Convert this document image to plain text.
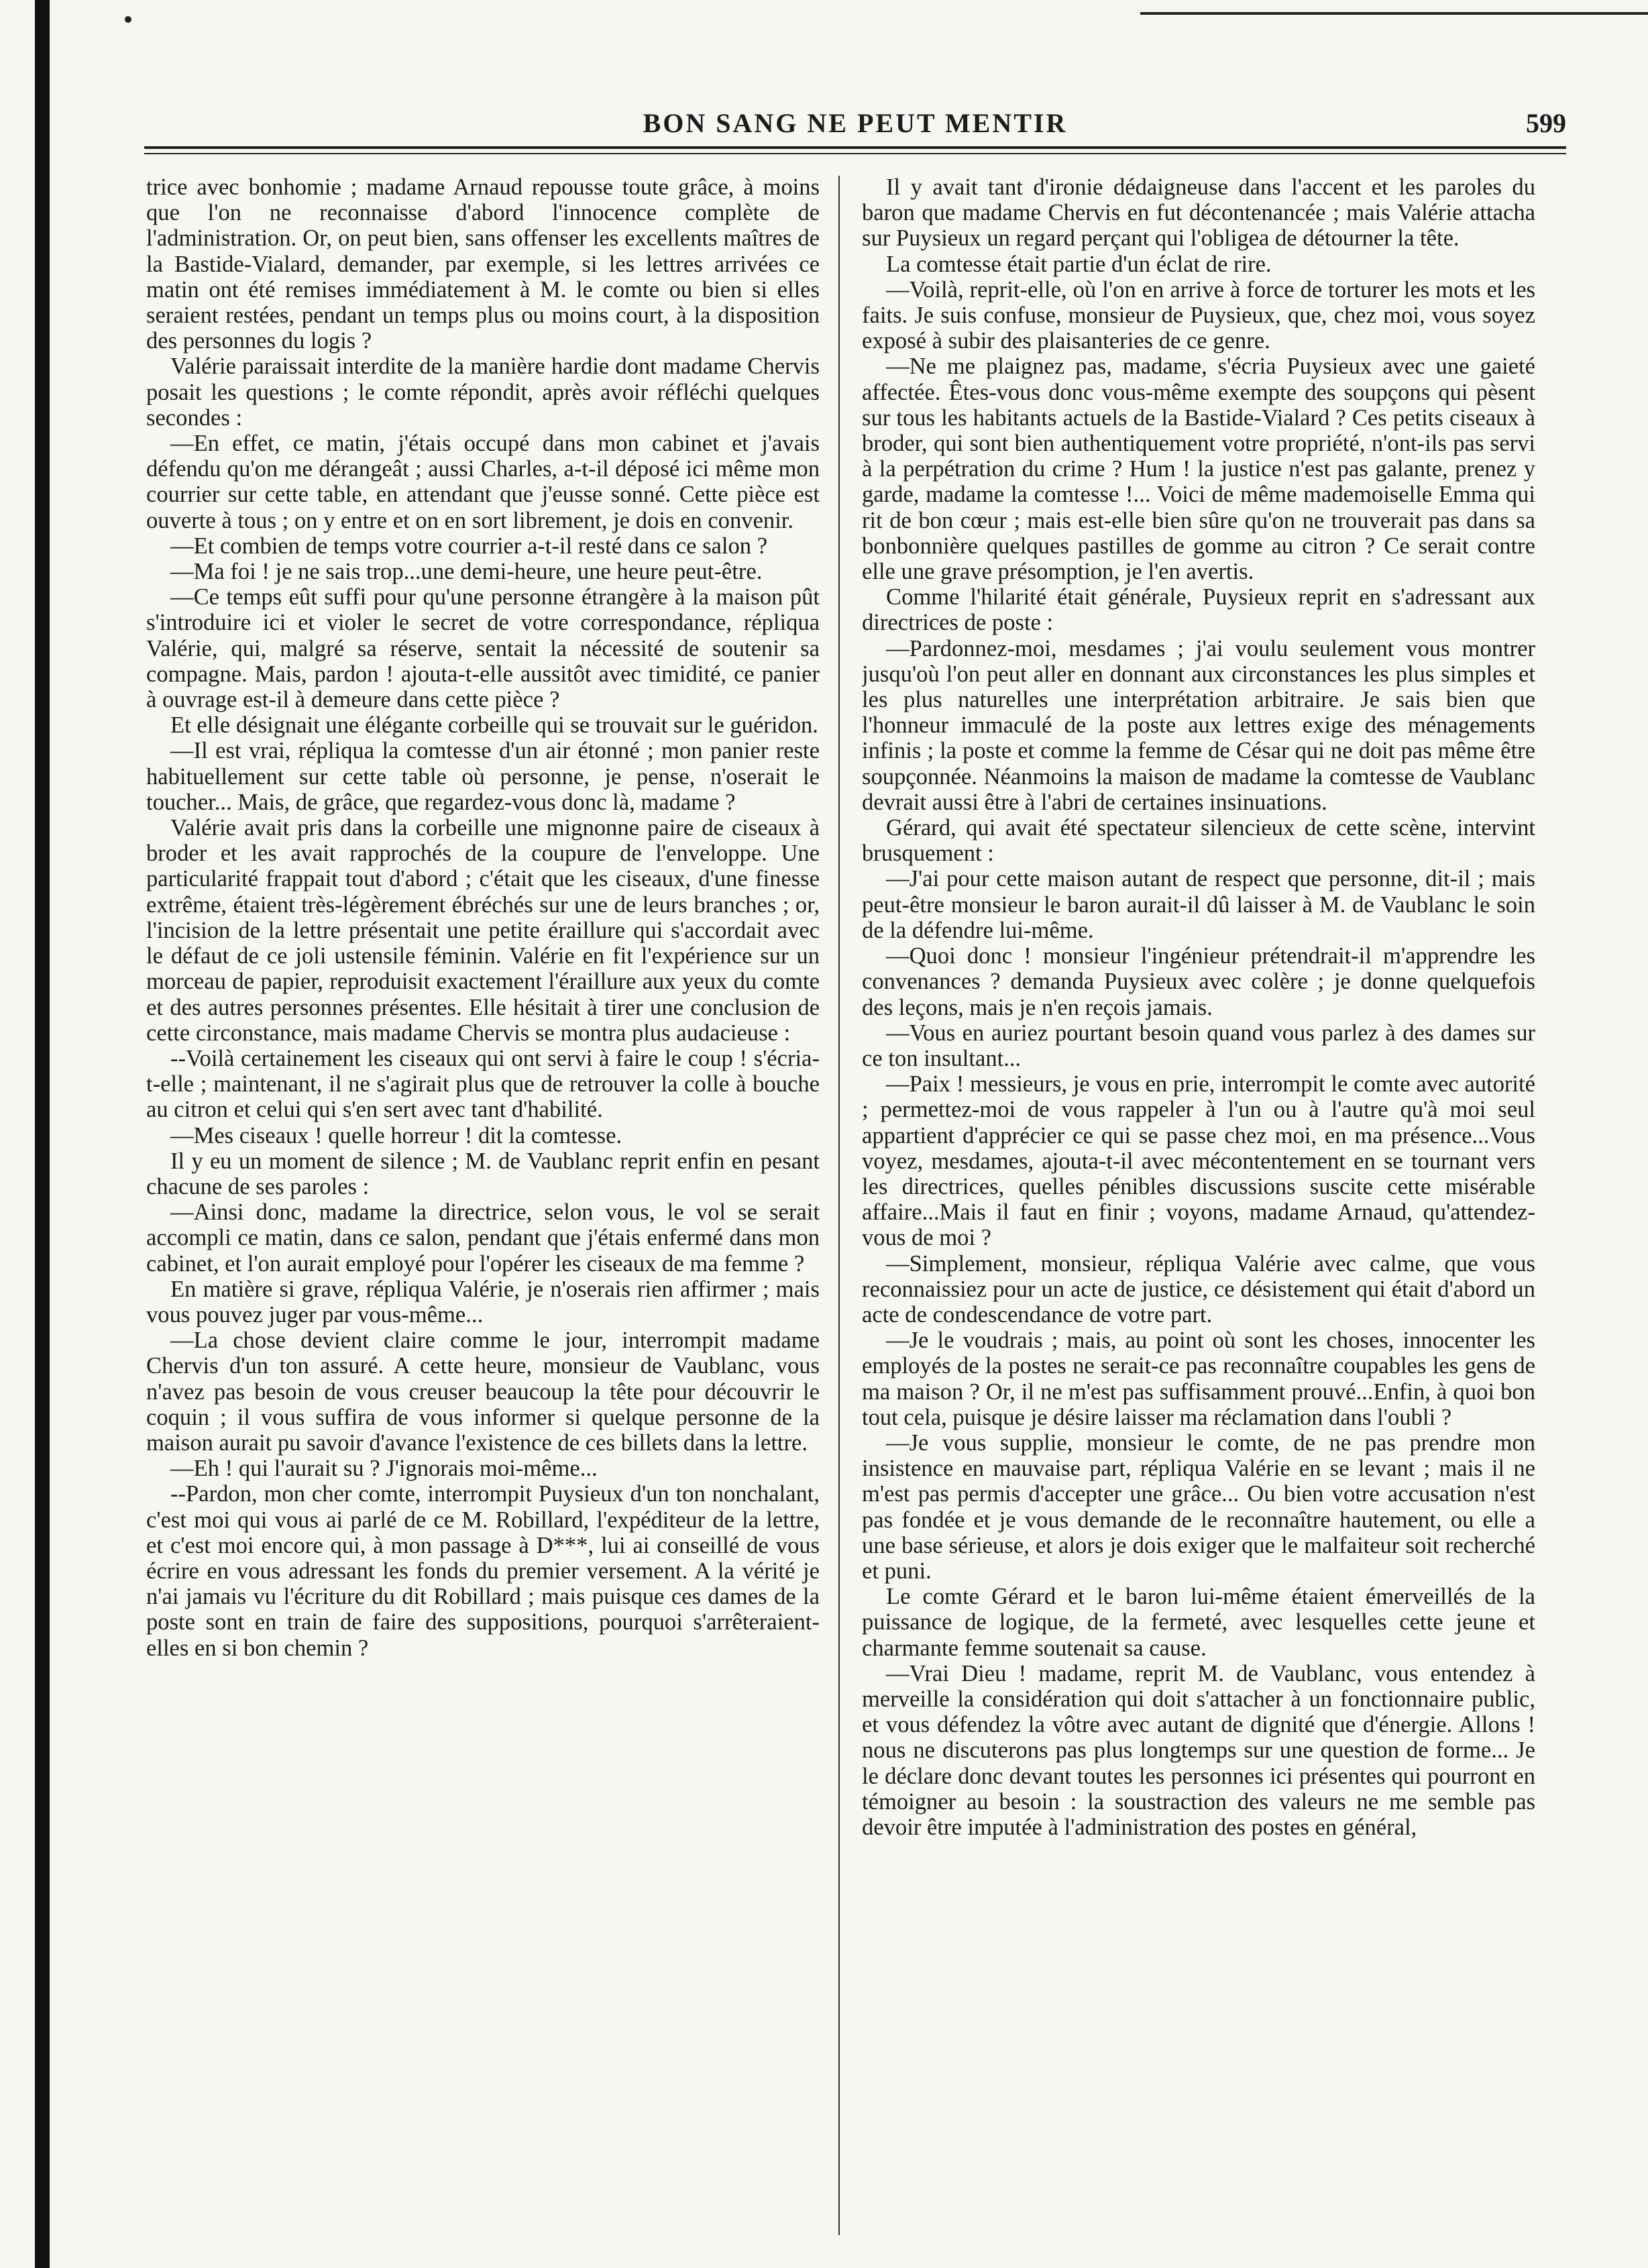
BON SANG NE PEUT MENTIR	599

trice avec bonhomie ; madame Arnaud repousse toute grâce, à moins que l'on ne reconnaisse d'abord l'innocence complète de l'administration. Or, on peut bien, sans offenser les excellents maîtres de la Bastide-Vialard, demander, par exemple, si les lettres arrivées ce matin ont été remises immédiatement à M. le comte ou bien si elles seraient restées, pendant un temps plus ou moins court, à la disposition des personnes du logis ?

Valérie paraissait interdite de la manière hardie dont madame Chervis posait les questions ; le comte répondit, après avoir réfléchi quelques secondes :

—En effet, ce matin, j'étais occupé dans mon cabinet et j'avais défendu qu'on me dérangeât ; aussi Charles, a-t-il déposé ici même mon courrier sur cette table, en attendant que j'eusse sonné. Cette pièce est ouverte à tous ; on y entre et on en sort librement, je dois en convenir.

—Et combien de temps votre courrier a-t-il resté dans ce salon ?

—Ma foi ! je ne sais trop...une demi-heure, une heure peut-être.

—Ce temps eût suffi pour qu'une personne étrangère à la maison pût s'introduire ici et violer le secret de votre correspondance, répliqua Valérie, qui, malgré sa réserve, sentait la nécessité de soutenir sa compagne. Mais, pardon ! ajouta-t-elle aussitôt avec timidité, ce panier à ouvrage est-il à demeure dans cette pièce ?

Et elle désignait une élégante corbeille qui se trouvait sur le guéridon.

—Il est vrai, répliqua la comtesse d'un air étonné ; mon panier reste habituellement sur cette table où personne, je pense, n'oserait le toucher... Mais, de grâce, que regardez-vous donc là, madame ?

Valérie avait pris dans la corbeille une mignonne paire de ciseaux à broder et les avait rapprochés de la coupure de l'enveloppe. Une particularité frappait tout d'abord ; c'était que les ciseaux, d'une finesse extrême, étaient très-légèrement ébréchés sur une de leurs branches ; or, l'incision de la lettre présentait une petite éraillure qui s'accordait avec le défaut de ce joli ustensile féminin. Valérie en fit l'expérience sur un morceau de papier, reproduisit exactement l'éraillure aux yeux du comte et des autres personnes présentes. Elle hésitait à tirer une conclusion de cette circonstance, mais madame Chervis se montra plus audacieuse :

--Voilà certainement les ciseaux qui ont servi à faire le coup ! s'écria-t-elle ; maintenant, il ne s'agirait plus que de retrouver la colle à bouche au citron et celui qui s'en sert avec tant d'habilité.

—Mes ciseaux ! quelle horreur ! dit la comtesse.

Il y eu un moment de silence ; M. de Vaublanc reprit enfin en pesant chacune de ses paroles :

—Ainsi donc, madame la directrice, selon vous, le vol se serait accompli ce matin, dans ce salon, pendant que j'étais enfermé dans mon cabinet, et l'on aurait employé pour l'opérer les ciseaux de ma femme ?

En matière si grave, répliqua Valérie, je n'oserais rien affirmer ; mais vous pouvez juger par vous-même...

—La chose devient claire comme le jour, interrompit madame Chervis d'un ton assuré. A cette heure, monsieur de Vaublanc, vous n'avez pas besoin de vous creuser beaucoup la tête pour découvrir le coquin ; il vous suffira de vous informer si quelque personne de la maison aurait pu savoir d'avance l'existence de ces billets dans la lettre.

—Eh ! qui l'aurait su ? J'ignorais moi-même...

--Pardon, mon cher comte, interrompit Puysieux d'un ton nonchalant, c'est moi qui vous ai parlé de ce M. Robillard, l'expéditeur de la lettre, et c'est moi encore qui, à mon passage à D***, lui ai conseillé de vous écrire en vous adressant les fonds du premier versement. A la vérité je n'ai jamais vu l'écriture du dit Robillard ; mais puisque ces dames de la poste sont en train de faire des suppositions, pourquoi s'arrêteraient-elles en si bon chemin ?

Il y avait tant d'ironie dédaigneuse dans l'accent et les paroles du baron que madame Chervis en fut décontenancée ; mais Valérie attacha sur Puysieux un regard perçant qui l'obligea de détourner la tête.

La comtesse était partie d'un éclat de rire.

—Voilà, reprit-elle, où l'on en arrive à force de torturer les mots et les faits. Je suis confuse, monsieur de Puysieux, que, chez moi, vous soyez exposé à subir des plaisanteries de ce genre.

—Ne me plaignez pas, madame, s'écria Puysieux avec une gaieté affectée. Êtes-vous donc vous-même exempte des soupçons qui pèsent sur tous les habitants actuels de la Bastide-Vialard ? Ces petits ciseaux à broder, qui sont bien authentiquement votre propriété, n'ont-ils pas servi à la perpétration du crime ? Hum ! la justice n'est pas galante, prenez y garde, madame la comtesse !... Voici de même mademoiselle Emma qui rit de bon cœur ; mais est-elle bien sûre qu'on ne trouverait pas dans sa bonbonnière quelques pastilles de gomme au citron ? Ce serait contre elle une grave présomption, je l'en avertis.

Comme l'hilarité était générale, Puysieux reprit en s'adressant aux directrices de poste :

—Pardonnez-moi, mesdames ; j'ai voulu seulement vous montrer jusqu'où l'on peut aller en donnant aux circonstances les plus simples et les plus naturelles une interprétation arbitraire. Je sais bien que l'honneur immaculé de la poste aux lettres exige des ménagements infinis ; la poste et comme la femme de César qui ne doit pas même être soupçonnée. Néanmoins la maison de madame la comtesse de Vaublanc devrait aussi être à l'abri de certaines insinuations.

Gérard, qui avait été spectateur silencieux de cette scène, intervint brusquement :

—J'ai pour cette maison autant de respect que personne, dit-il ; mais peut-être monsieur le baron aurait-il dû laisser à M. de Vaublanc le soin de la défendre lui-même.

—Quoi donc ! monsieur l'ingénieur prétendrait-il m'apprendre les convenances ? demanda Puysieux avec colère ; je donne quelquefois des leçons, mais je n'en reçois jamais.

—Vous en auriez pourtant besoin quand vous parlez à des dames sur ce ton insultant...

—Paix ! messieurs, je vous en prie, interrompit le comte avec autorité ; permettez-moi de vous rappeler à l'un ou à l'autre qu'à moi seul appartient d'apprécier ce qui se passe chez moi, en ma présence...Vous voyez, mesdames, ajouta-t-il avec mécontentement en se tournant vers les directrices, quelles pénibles discussions suscite cette misérable affaire...Mais il faut en finir ; voyons, madame Arnaud, qu'attendez-vous de moi ?

—Simplement, monsieur, répliqua Valérie avec calme, que vous reconnaissiez pour un acte de justice, ce désistement qui était d'abord un acte de condescendance de votre part.

—Je le voudrais ; mais, au point où sont les choses, innocenter les employés de la postes ne serait-ce pas reconnaître coupables les gens de ma maison ? Or, il ne m'est pas suffisamment prouvé...Enfin, à quoi bon tout cela, puisque je désire laisser ma réclamation dans l'oubli ?

—Je vous supplie, monsieur le comte, de ne pas prendre mon insistence en mauvaise part, répliqua Valérie en se levant ; mais il ne m'est pas permis d'accepter une grâce... Ou bien votre accusation n'est pas fondée et je vous demande de le reconnaître hautement, ou elle a une base sérieuse, et alors je dois exiger que le malfaiteur soit recherché et puni.

Le comte Gérard et le baron lui-même étaient émerveillés de la puissance de logique, de la fermeté, avec lesquelles cette jeune et charmante femme soutenait sa cause.

—Vrai Dieu ! madame, reprit M. de Vaublanc, vous entendez à merveille la considération qui doit s'attacher à un fonctionnaire public, et vous défendez la vôtre avec autant de dignité que d'énergie. Allons ! nous ne discuterons pas plus longtemps sur une question de forme... Je le déclare donc devant toutes les personnes ici présentes qui pourront en témoigner au besoin : la soustraction des valeurs ne me semble pas devoir être imputée à l'administration des postes en général,
